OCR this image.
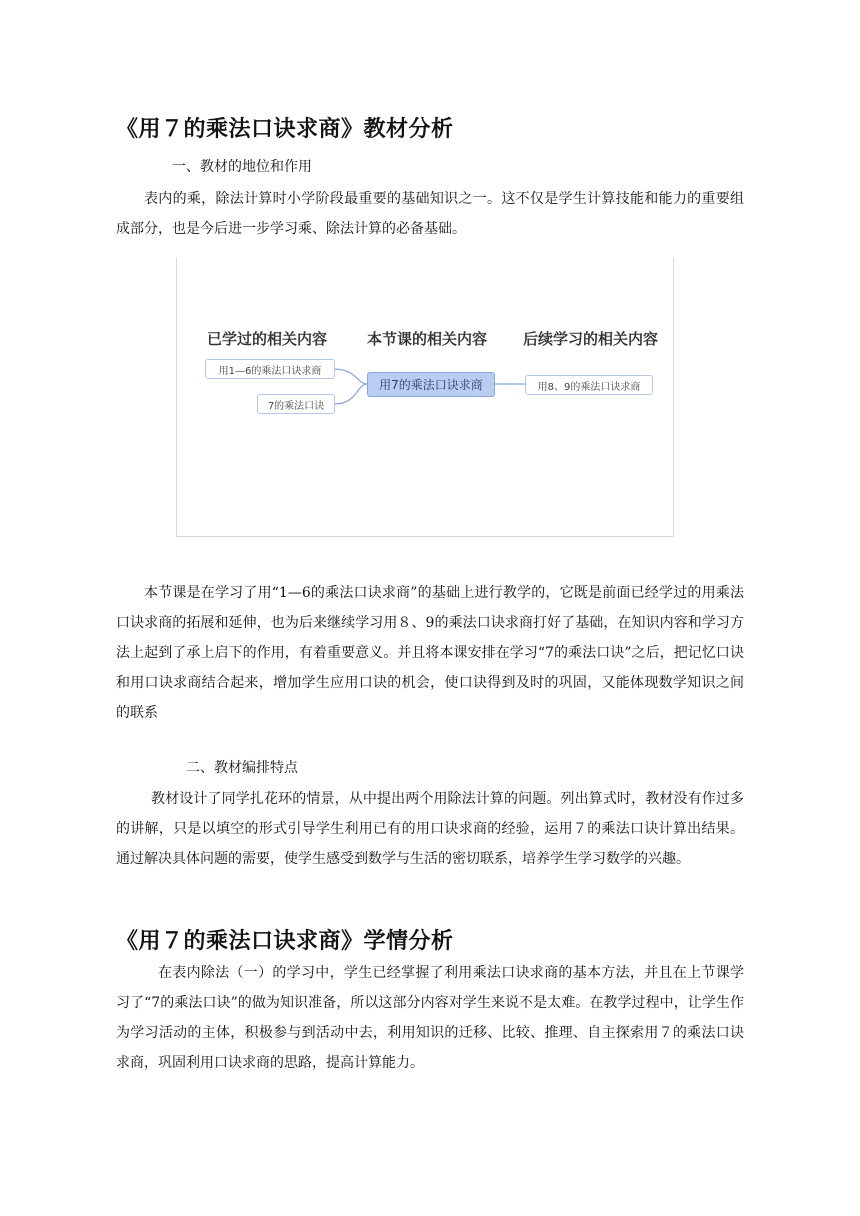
《用７的乘法口诀求商》教材分析

一、教材的地位和作用

表内的乘，除法计算时小学阶段最重要的基础知识之一。这不仅是学生计算技能和能力的重要组成部分，也是今后进一步学习乘、除法计算的必备基础。

已学过的相关内容	本节课的相关内容 后续学习的相关内容
用1—6的乘法口诀求商
7的乘法口诀
用7的乘法口诀求商	用8、9的乘法口诀求商

本节课是在学习了用“1—6的乘法口诀求商”的基础上进行教学的，它既是前面已经学过的用乘法口诀求商的拓展和延伸，也为后来继续学习用８、9的乘法口诀求商打好了基础，在知识内容和学习方法上起到了承上启下的作用，有着重要意义。并且将本课安排在学习“7的乘法口诀”之后，把记忆口诀和用口诀求商结合起来，增加学生应用口诀的机会，使口诀得到及时的巩固，又能体现数学知识之间的联系

二、教材编排特点

教材设计了同学扎花环的情景，从中提出两个用除法计算的问题。列出算式时，教材没有作过多的讲解，只是以填空的形式引导学生利用已有的用口诀求商的经验，运用７的乘法口诀计算出结果。通过解决具体问题的需要，使学生感受到数学与生活的密切联系，培养学生学习数学的兴趣。

《用７的乘法口诀求商》学情分析

在表内除法（一）的学习中，学生已经掌握了利用乘法口诀求商的基本方法，并且在上节课学习了“7的乘法口诀”的做为知识准备，所以这部分内容对学生来说不是太难。在教学过程中，让学生作为学习活动的主体，积极参与到活动中去，利用知识的迁移、比较、推理、自主探索用７的乘法口诀求商，巩固利用口诀求商的思路，提高计算能力。
